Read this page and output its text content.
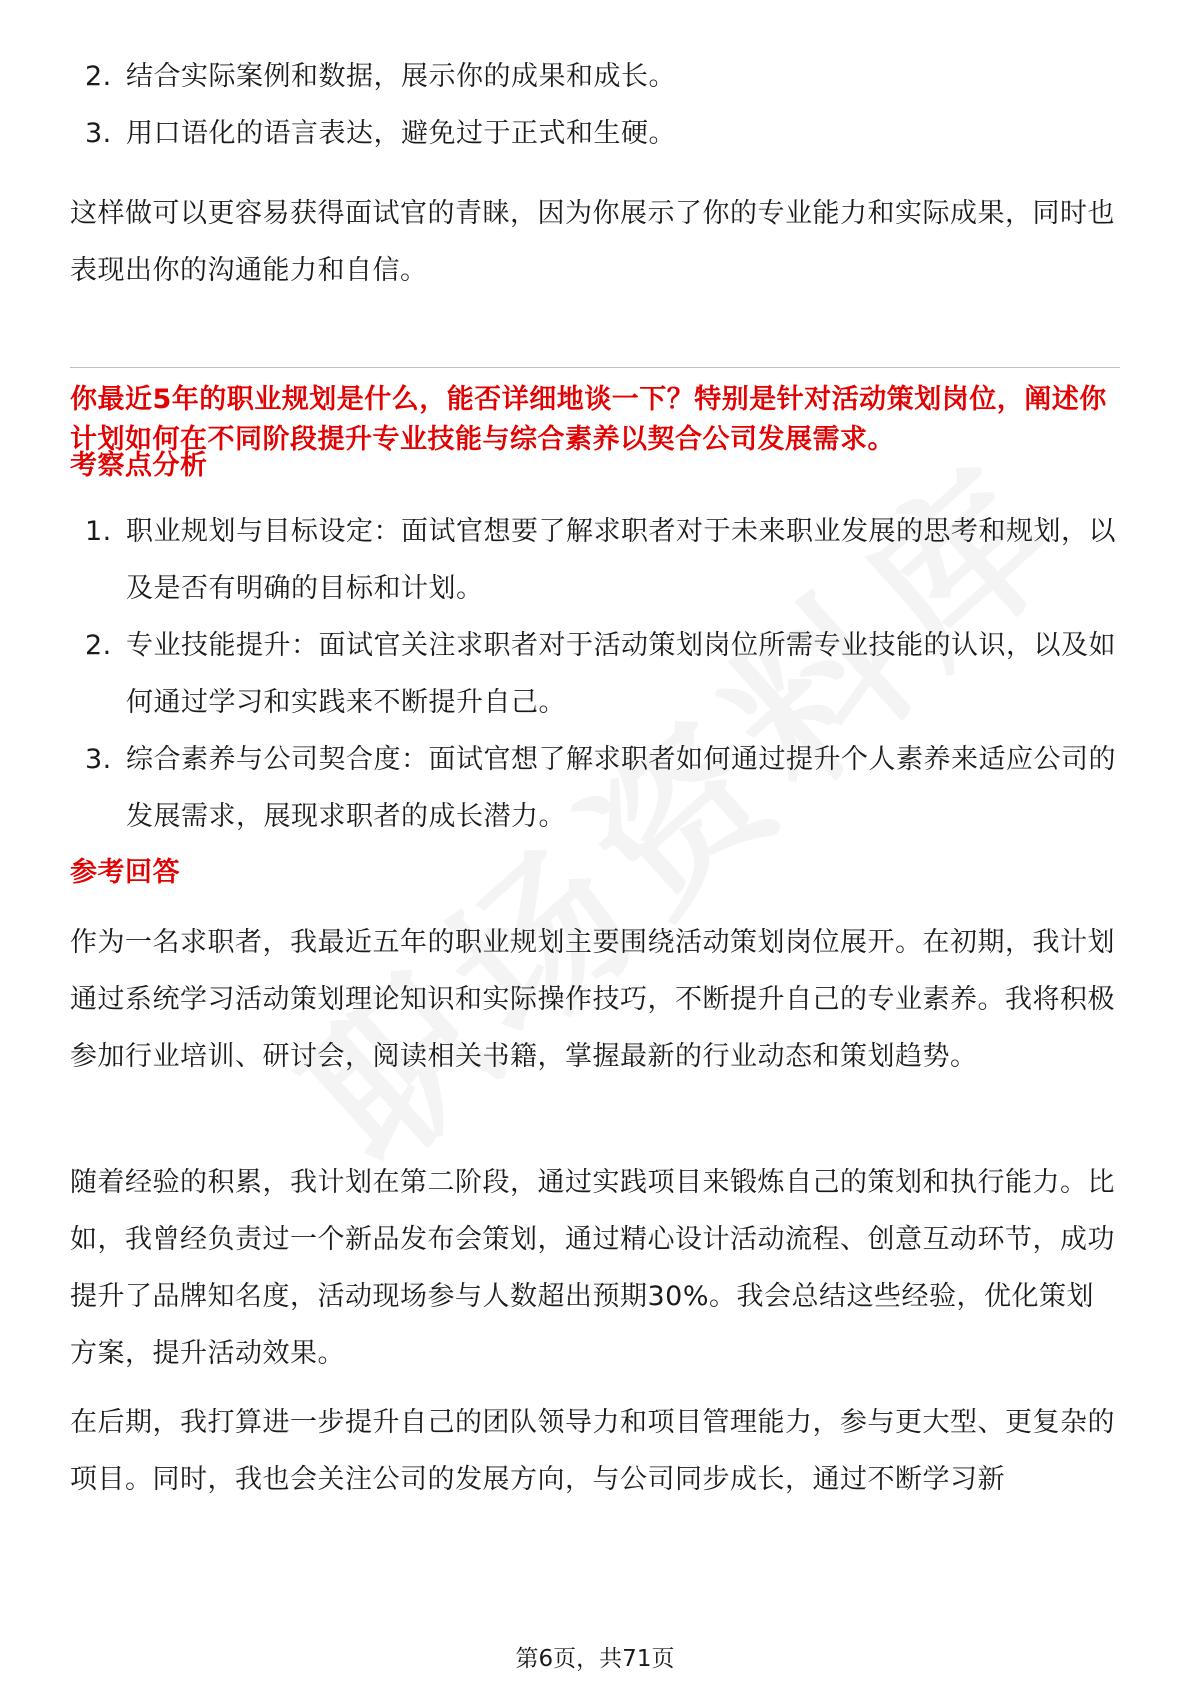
2. 结合实际案例和数据，展示你的成果和成长。
3. 用口语化的语言表达，避免过于正式和生硬。

这样做可以更容易获得面试官的青睐，因为你展示了你的专业能力和实际成果，同时也表现出你的沟通能力和自信。

你最近5年的职业规划是什么，能否详细地谈一下？特别是针对活动策划岗位，阐述你计划如何在不同阶段提升专业技能与综合素养以契合公司发展需求。

考察点分析
1. 职业规划与目标设定：面试官想要了解求职者对于未来职业发展的思考和规划，以及是否有明确的目标和计划。
2. 专业技能提升：面试官关注求职者对于活动策划岗位所需专业技能的认识，以及如何通过学习和实践来不断提升自己。
3. 综合素养与公司契合度：面试官想了解求职者如何通过提升个人素养来适应公司的发展需求，展现求职者的成长潜力。
参考回答

作为一名求职者，我最近五年的职业规划主要围绕活动策划岗位展开。在初期，我计划通过系统学习活动策划理论知识和实际操作技巧，不断提升自己的专业素养。我将积极参加行业培训、研讨会，阅读相关书籍，掌握最新的行业动态和策划趋势。

随着经验的积累，我计划在第二阶段，通过实践项目来锻炼自己的策划和执行能力。比如，我曾经负责过一个新品发布会策划，通过精心设计活动流程、创意互动环节，成功提升了品牌知名度，活动现场参与人数超出预期30%。我会总结这些经验，优化策划方案，提升活动效果。

在后期，我打算进一步提升自己的团队领导力和项目管理能力，参与更大型、更复杂的项目。同时，我也会关注公司的发展方向，与公司同步成长，通过不断学习新

第6页，共71页
